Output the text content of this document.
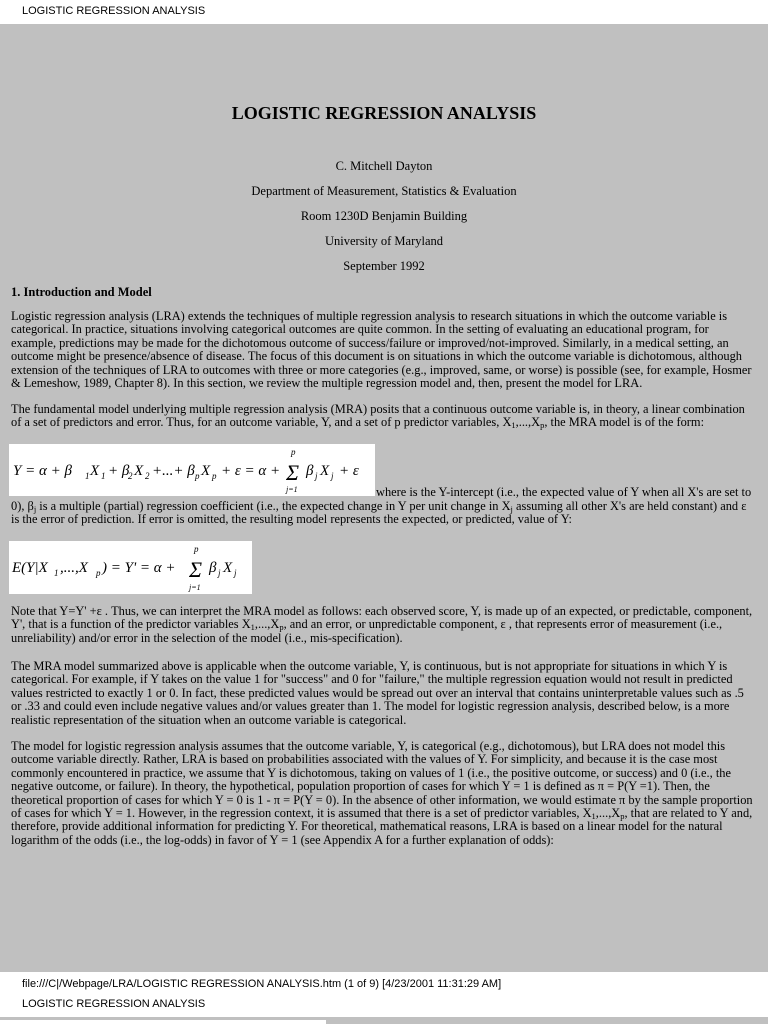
LOGISTIC REGRESSION ANALYSIS
LOGISTIC REGRESSION ANALYSIS
C. Mitchell Dayton
Department of Measurement, Statistics & Evaluation
Room 1230D Benjamin Building
University of Maryland
September 1992
1. Introduction and Model

Logistic regression analysis (LRA) extends the techniques of multiple regression analysis to research situations in which the outcome variable is categorical. In practice, situations involving categorical outcomes are quite common. In the setting of evaluating an educational program, for example, predictions may be made for the dichotomous outcome of success/failure or improved/not-improved. Similarly, in a medical setting, an outcome might be presence/absence of disease. The focus of this document is on situations in which the outcome variable is dichotomous, although extension of the techniques of LRA to outcomes with three or more categories (e.g., improved, same, or worse) is possible (see, for example, Hosmer & Lemeshow, 1989, Chapter 8). In this section, we review the multiple regression model and, then, present the model for LRA.

The fundamental model underlying multiple regression analysis (MRA) posits that a continuous outcome variable is, in theory, a linear combination of a set of predictors and error. Thus, for an outcome variable, Y, and a set of p predictor variables, $X_1,...,X_p$, the MRA model is of the form:

Y = α + β 1 X 1 + β
2 X 2 +...+ β p X p + ε = α +
p
Σ
j=1
β j X j + ε

where is the Y-intercept (i.e., the expected value of Y when all X's are set to

0), $\beta_j$ is a multiple (partial) regression coefficient (i.e., the expected change in Y per unit change in $X_j$ assuming all other X's are held constant) and ε is the error of prediction. If error is omitted, the resulting model represents the expected, or predicted, value of Y:

E(Y|X 1 ,...,X p ) = Y' = α +
p
Σ
j=1
β j X j

Note that Y=Y' +ε . Thus, we can interpret the MRA model as follows: each observed score, Y, is made up of an expected, or predictable, component, Y', that is a function of the predictor variables $X_1,...,X_p$, and an error, or unpredictable component, ε , that represents error of measurement (i.e., unreliability) and/or error in the selection of the model (i.e., mis-specification).

The MRA model summarized above is applicable when the outcome variable, Y, is continuous, but is not appropriate for situations in which Y is categorical. For example, if Y takes on the value 1 for "success" and 0 for "failure," the multiple regression equation would not result in predicted values restricted to exactly 1 or 0. In fact, these predicted values would be spread out over an interval that contains uninterpretable values such as .5 or .33 and could even include negative values and/or values greater than 1. The model for logistic regression analysis, described below, is a more realistic representation of the situation when an outcome variable is categorical.

The model for logistic regression analysis assumes that the outcome variable, Y, is categorical (e.g., dichotomous), but LRA does not model this outcome variable directly. Rather, LRA is based on probabilities associated with the values of Y. For simplicity, and because it is the case most commonly encountered in practice, we assume that Y is dichotomous, taking on values of 1 (i.e., the positive outcome, or success) and 0 (i.e., the negative outcome, or failure). In theory, the hypothetical, population proportion of cases for which Y = 1 is defined as π = P(Y =1). Then, the theoretical proportion of cases for which Y = 0 is 1 - π = P(Y = 0). In the absence of other information, we would estimate π by the sample proportion of cases for which Y = 1. However, in the regression context, it is assumed that there is a set of predictor variables, $X_1,...,X_p$, that are related to Y and, therefore, provide additional information for predicting Y. For theoretical, mathematical reasons, LRA is based on a linear model for the natural logarithm of the odds (i.e., the log-odds) in favor of Y = 1 (see Appendix A for a further explanation of odds):

file:///C|/Webpage/LRA/LOGISTIC REGRESSION ANALYSIS.htm (1 of 9) [4/23/2001 11:31:29 AM]
LOGISTIC REGRESSION ANALYSIS
